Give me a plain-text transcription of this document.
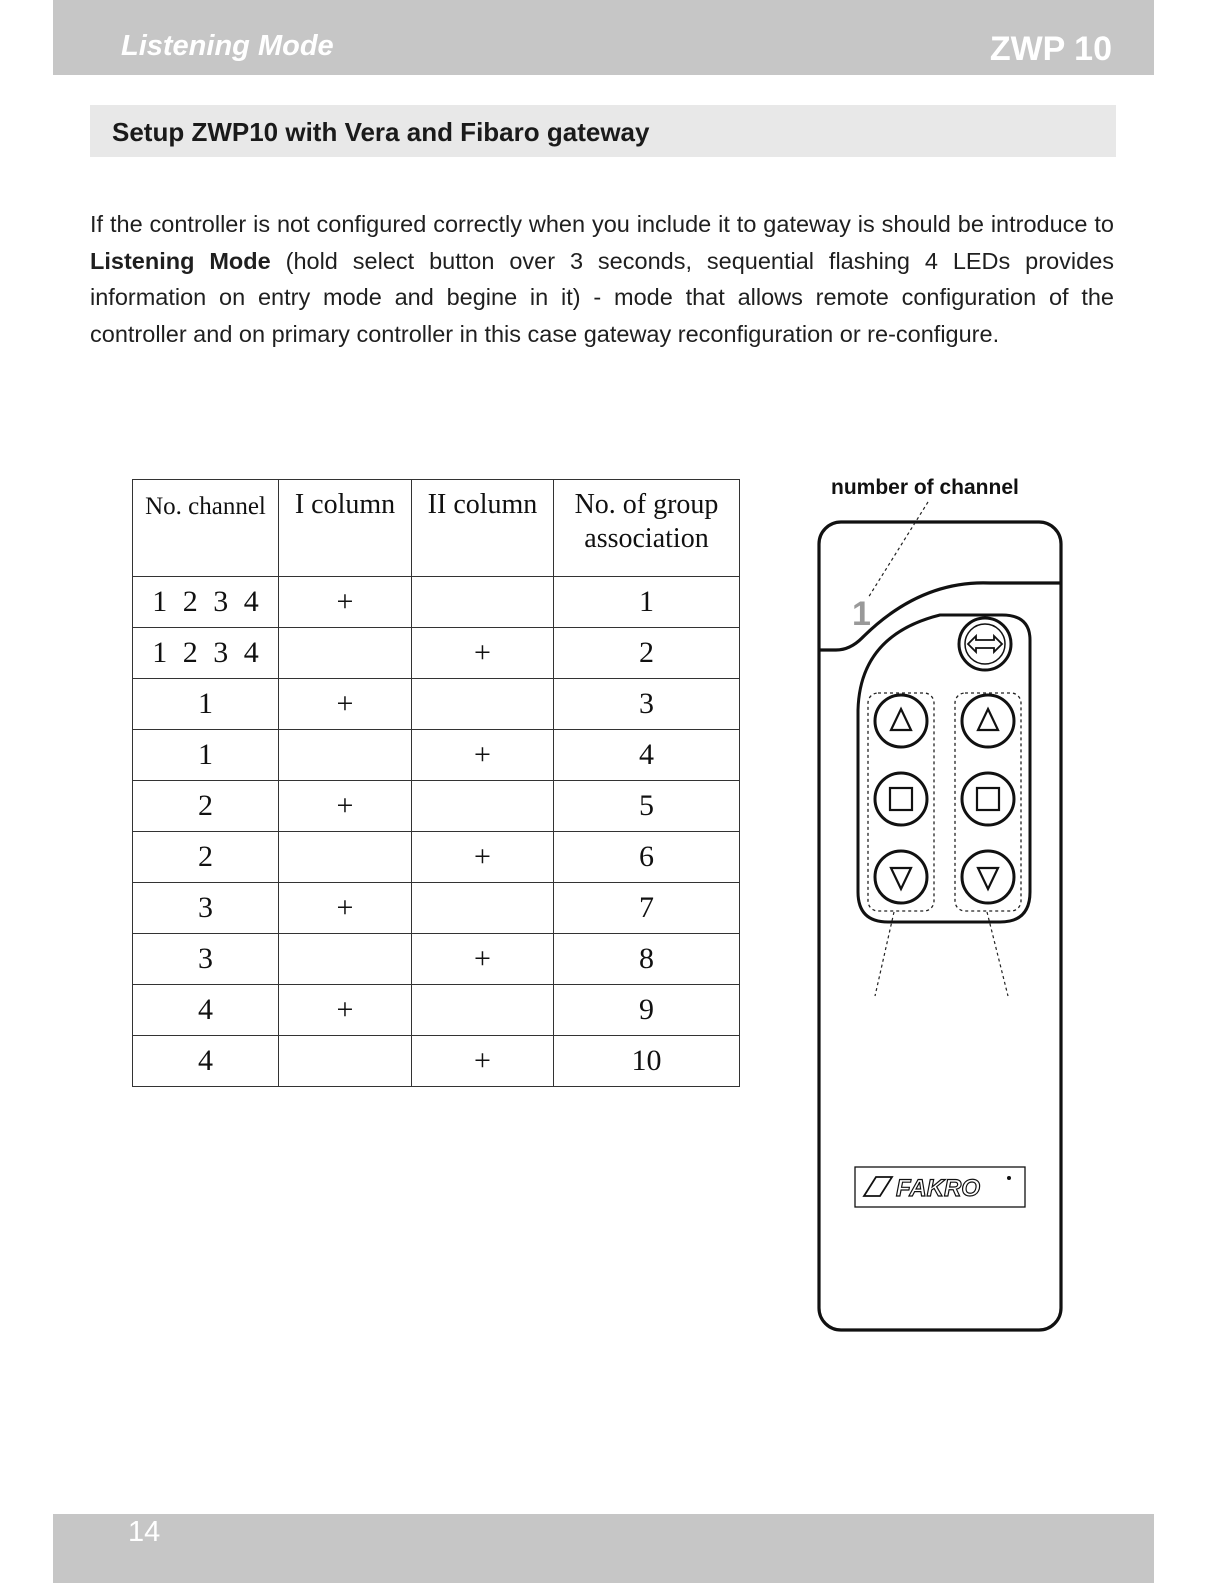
Listening Mode	ZWP 10
Setup ZWP10 with Vera and Fibaro gateway

If the controller is not configured correctly when you include it to gateway is should be introduce to Listening Mode (hold select button over 3 seconds, sequential flashing 4 LEDs provides information on entry mode and begine in it) - mode that allows remote configuration of the controller and on primary controller in this case gateway reconfiguration or re-configure.

No. channel	I column	II column	No. of group association
1 2 3 4	+		1
1 2 3 4		+	2
1	+		3
1		+	4
2	+		5
2		+	6
3	+		7
3		+	8
4	+		9
4		+	10
number of channel
1
FAKRO
14
